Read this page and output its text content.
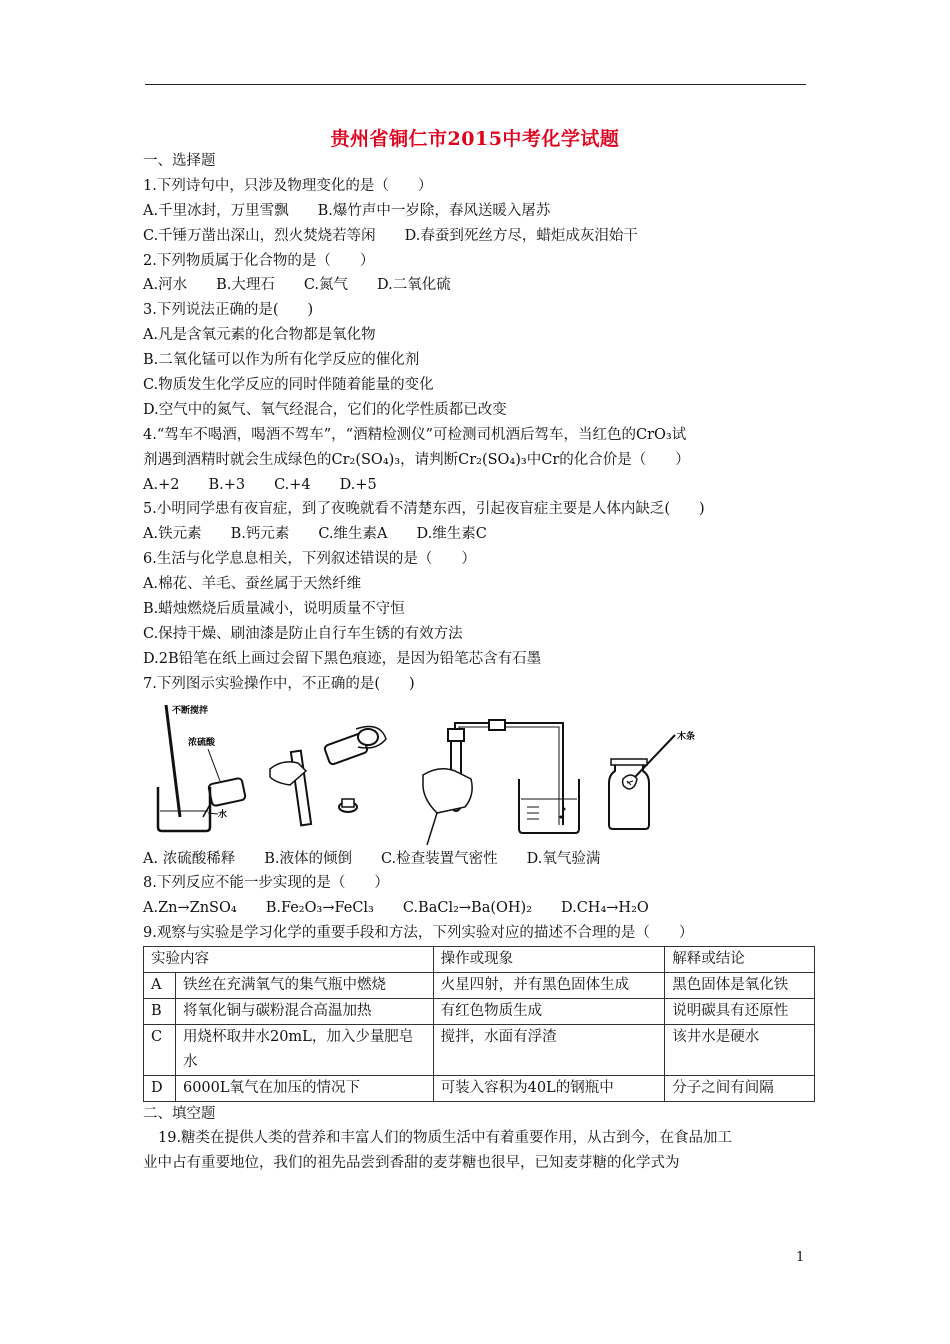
贵州省铜仁市2015中考化学试题
一、选择题
1.下列诗句中，只涉及物理变化的是（　　）
A.千里冰封，万里雪飘　　B.爆竹声中一岁除，春风送暖入屠苏
C.千锤万凿出深山，烈火焚烧若等闲　　D.春蚕到死丝方尽，蜡炬成灰泪始干
2.下列物质属于化合物的是（　　）
A.河水　　B.大理石　　C.氮气　　D.二氧化硫
3.下列说法正确的是(　　)
A.凡是含氧元素的化合物都是氧化物
B.二氧化锰可以作为所有化学反应的催化剂
C.物质发生化学反应的同时伴随着能量的变化
D.空气中的氮气、氧气经混合，它们的化学性质都已改变
4.“驾车不喝酒，喝酒不驾车”，“酒精检测仪”可检测司机酒后驾车，当红色的CrO₃试
剂遇到酒精时就会生成绿色的Cr₂(SO₄)₃，请判断Cr₂(SO₄)₃中Cr的化合价是（　　）
A.+2　　B.+3　　C.+4　　D.+5
5.小明同学患有夜盲症，到了夜晚就看不清楚东西，引起夜盲症主要是人体内缺乏(　　)
A.铁元素　　B.钙元素　　C.维生素A　　D.维生素C
6.生活与化学息息相关，下列叙述错误的是（　　）
A.棉花、羊毛、蚕丝属于天然纤维
B.蜡烛燃烧后质量减小，说明质量不守恒
C.保持干燥、刷油漆是防止自行车生锈的有效方法
D.2B铅笔在纸上画过会留下黑色痕迹，是因为铅笔芯含有石墨
7.下列图示实验操作中，不正确的是(　　)
不断搅拌
浓硫酸
水
木条
A. 浓硫酸稀释　　B.液体的倾倒　　C.检查装置气密性　　D.氧气验满
8.下列反应不能一步实现的是（　　）
A.Zn→ZnSO₄　　B.Fe₂O₃→FeCl₃　　C.BaCl₂→Ba(OH)₂　　D.CH₄→H₂O
9.观察与实验是学习化学的重要手段和方法，下列实验对应的描述不合理的是（　　）
实验内容		操作或现象	解释或结论
A	铁丝在充满氧气的集气瓶中燃烧	火星四射，并有黑色固体生成	黑色固体是氧化铁
B	将氧化铜与碳粉混合高温加热	有红色物质生成	说明碳具有还原性
C	用烧杯取井水20mL，加入少量肥皂水	搅拌，水面有浮渣	该井水是硬水
D	6000L氧气在加压的情况下	可装入容积为40L的钢瓶中	分子之间有间隔
二、填空题
19.糖类在提供人类的营养和丰富人们的物质生活中有着重要作用，从古到今，在食品加工
业中占有重要地位，我们的祖先品尝到香甜的麦芽糖也很早，已知麦芽糖的化学式为
1
